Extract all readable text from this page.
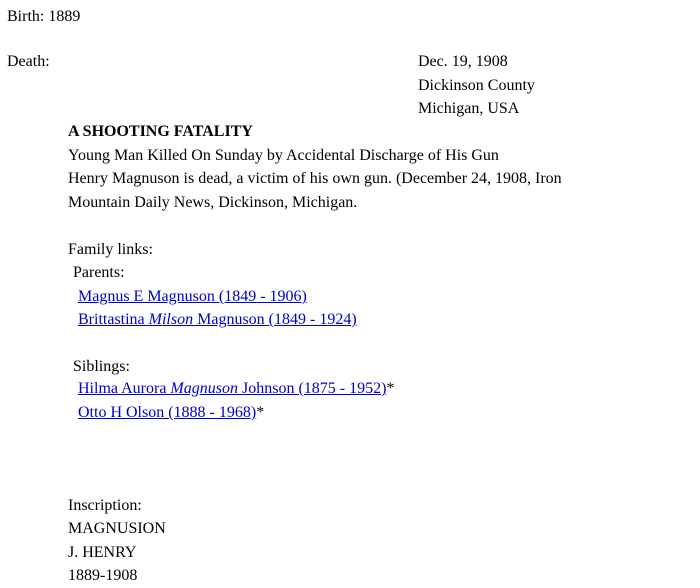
Birth: 1889
Death:	Dec. 19, 1908
Dickinson County
Michigan, USA
A SHOOTING FATALITY
Young Man Killed On Sunday by Accidental Discharge of His Gun
Henry Magnuson is dead, a victim of his own gun. (December 24, 1908, Iron
Mountain Daily News, Dickinson, Michigan.
Family links:
Parents:
Magnus E Magnuson (1849 - 1906)
Brittastina Milson Magnuson (1849 - 1924)
Siblings:
Hilma Aurora Magnuson Johnson (1875 - 1952)*
Otto H Olson (1888 - 1968)*
Inscription:
MAGNUSION
J. HENRY
1889-1908
